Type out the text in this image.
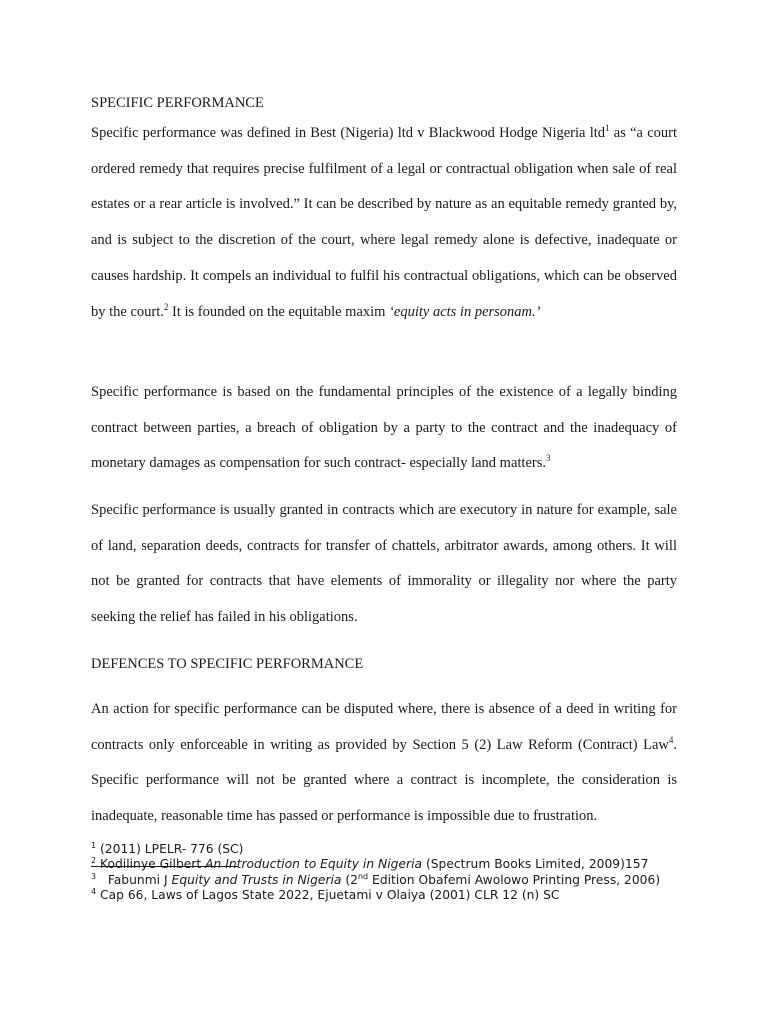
SPECIFIC PERFORMANCE

Specific performance was defined in Best (Nigeria) ltd v Blackwood Hodge Nigeria ltd$^1$ as “a court ordered remedy that requires precise fulfilment of a legal or contractual obligation when sale of real estates or a rear article is involved.” It can be described by nature as an equitable remedy granted by, and is subject to the discretion of the court, where legal remedy alone is defective, inadequate or causes hardship. It compels an individual to fulfil his contractual obligations, which can be observed by the court.$^2$ It is founded on the equitable maxim ‘equity acts in personam.’

Specific performance is based on the fundamental principles of the existence of a legally binding contract between parties, a breach of obligation by a party to the contract and the inadequacy of monetary damages as compensation for such contract- especially land matters.$^3$

Specific performance is usually granted in contracts which are executory in nature for example, sale of land, separation deeds, contracts for transfer of chattels, arbitrator awards, among others. It will not be granted for contracts that have elements of immorality or illegality nor where the party seeking the relief has failed in his obligations.

DEFENCES TO SPECIFIC PERFORMANCE

An action for specific performance can be disputed where, there is absence of a deed in writing for contracts only enforceable in writing as provided by Section 5 (2) Law Reform (Contract) Law$^4$. Specific performance will not be granted where a contract is incomplete, the consideration is inadequate, reasonable time has passed or performance is impossible due to frustration.

$^1$ (2011) LPELR- 776 (SC)
$^2$ Kodilinye Gilbert An Introduction to Equity in Nigeria (Spectrum Books Limited, 2009)157
$^3$   Fabunmi J Equity and Trusts in Nigeria (2nd Edition Obafemi Awolowo Printing Press, 2006)
$^4$ Cap 66, Laws of Lagos State 2022, Ejuetami v Olaiya (2001) CLR 12 (n) SC
